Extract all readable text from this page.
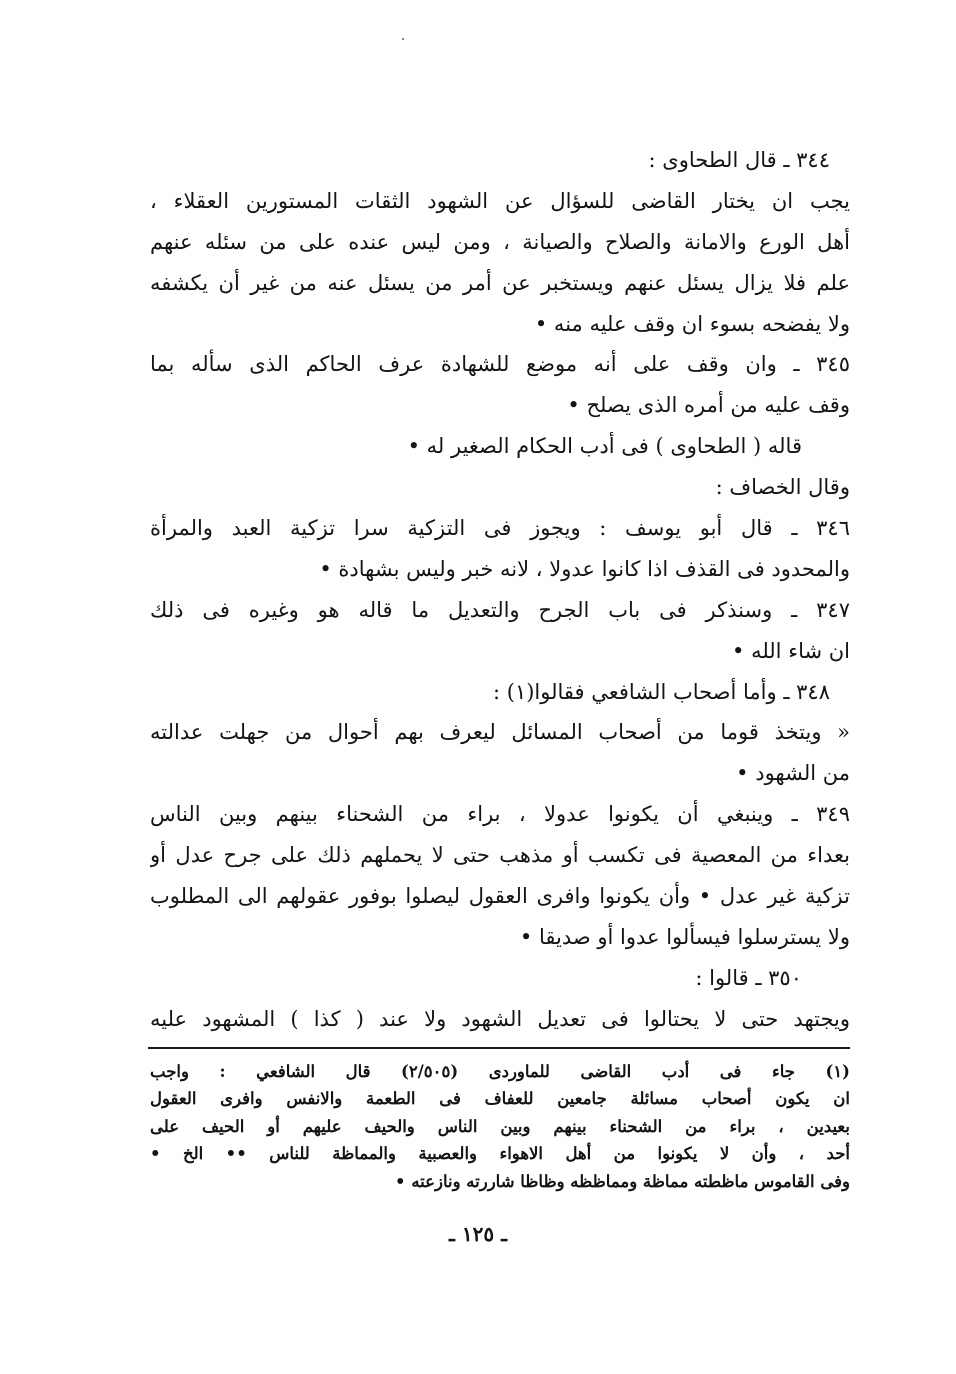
٣٤٤ ـ قال الطحاوى :
يجب ان يختار القاضى للسؤال عن الشهود الثقات المستورين العقلاء ،
أهل الورع والامانة والصلاح والصيانة ، ومن ليس عنده على من سئله عنهم
علم فلا يزال يسئل عنهم ويستخبر عن أمر من يسئل عنه من غير أن يكشفه
ولا يفضحه بسوء ان وقف عليه منه •
٣٤٥ ـ وان وقف على أنه موضع للشهادة عرف الحاكم الذى سأله بما
وقف عليه من أمره الذى يصلح •
قاله ( الطحاوى ) فى أدب الحكام الصغير له •
وقال الخصاف :
٣٤٦ ـ قال أبو يوسف : ويجوز فى التزكية سرا تزكية العبد والمرأة
والمحدود فى القذف اذا كانوا عدولا ، لانه خبر وليس بشهادة •
٣٤٧ ـ وسنذكر فى باب الجرح والتعديل ما قاله هو وغيره فى ذلك
ان شاء الله •
٣٤٨ ـ وأما أصحاب الشافعي فقالوا(١) :
« ويتخذ قوما من أصحاب المسائل ليعرف بهم أحوال من جهلت عدالته
من الشهود •
٣٤٩ ـ وينبغي أن يكونوا عدولا ، براء من الشحناء بينهم وبين الناس
بعداء من المعصية فى تكسب أو مذهب حتى لا يحملهم ذلك على جرح عدل أو
تزكية غير عدل • وأن يكونوا وافرى العقول ليصلوا بوفور عقولهم الى المطلوب
ولا يسترسلوا فيسألوا عدوا أو صديقا •
٣٥٠ ـ قالوا :
ويجتهد حتى لا يحتالوا فى تعديل الشهود ولا عند ( كذا ) المشهود عليه
(١) جاء فى أدب القاضى للماوردى (٢/٥٠٥) قال الشافعي : واجب
ان يكون أصحاب مسائلة جامعين للعفاف فى الطعمة والانفس وافرى العقول
بعيدين ، براء من الشحناء بينهم وبين الناس والحيف عليهم أو الحيف على
أحد ، وأن لا يكونوا من أهل الاهواء والعصبية والمماظة للناس •• الخ •
وفى القاموس ماظطته مماظة ومماظظه وظاظا شاررته ونازعته •
ـ ١٢٥ ـ
